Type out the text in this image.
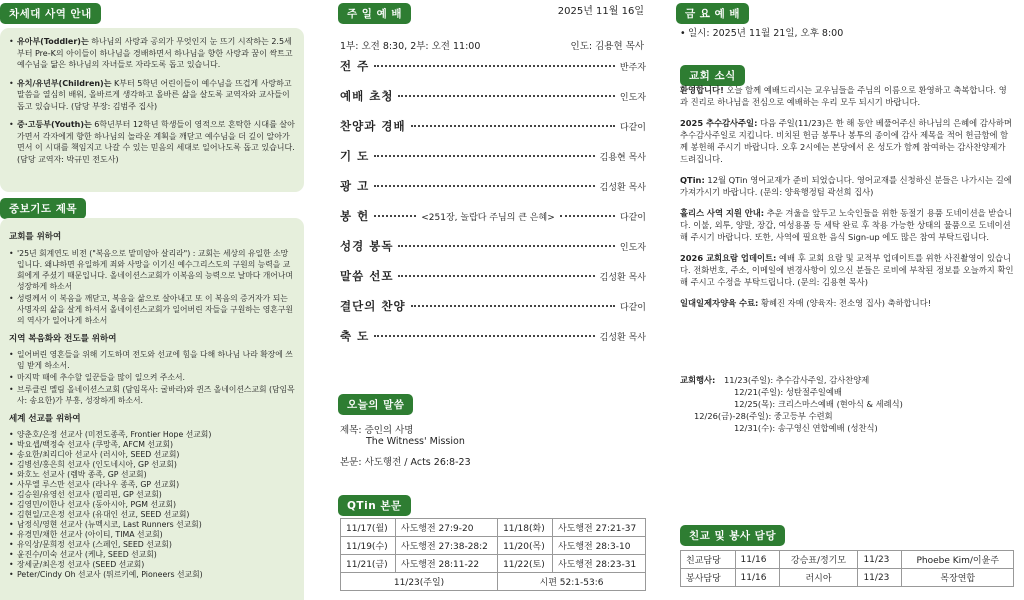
차세대 사역 안내
• 유아부(Toddler)는 하나님의 사랑과 공의가 무엇인지 눈 뜨기 시작하는 2.5세부터 Pre-K의 아이들이 하나님을 경배하면서 하나님을 향한 사랑과 꿈이 싹트고 예수님을 닮은 하나님의 자녀들로 자라도록 돕고 있습니다.
• 유치/유년부(Children)는 K부터 5학년 어린이들이 예수님을 뜨겁게 사랑하고 말씀을 열심히 배워, 올바르게 생각하고 올바른 삶을 살도록 교역자와 교사들이 돕고 있습니다. (담당 부장: 김범주 집사)
• 중·고등부(Youth)는 6학년부터 12학년 학생들이 영적으로 혼탁한 시대를 살아가면서 각자에게 향한 하나님의 놀라운 계획을 깨닫고 예수님을 더 깊이 알아가면서 이 시대를 책임지고 나갈 수 있는 믿음의 세대로 일어나도록 돕고 있습니다. (담당 교역자: 박규민 전도사)
중보기도 제목
교회를 위하여
• '25년 회계연도 비전 ("복음으로 맡미암아 살리라") : 교회는 세상의 유일한 소망입니다. 왜냐하면 유일하게 죄와 사망을 이기신 예수그리스도의 구원의 능력을 교회에게 주셨기 때문입니다. 올네이션스교회가 이복음의 능력으로 날마다 개어나며 성장하게 하소서
• 성령께서 이 복음을 깨닫고, 복음을 삶으로 살아내고 또 이 복음의 증거자가 되는 사명자의 삶을 살게 하셔서 올네이션스교회가 일어버린 자들을 구원하는 영혼구원의 역사가 일어나게 하소서
지역 복음화와 전도를 위하여
• 일어버린 영혼들을 위해 기도하며 전도와 선교에 힘을 다해 하나님 나라 확장에 쓰임 받게 하소서.
• 마지막 때에 추수할 일꾼들을 많이 일으켜 주소서.
• 브루클린 멜림 올네이션스교회 (담임목사: 굴바라)와 퀸즈 올네이션스교회 (담임목사: 송요한)가 부흥, 성장하게 하소서.
세계 선교를 위하여
• 양춘호/은정 선교사 (미전도종족, Frontier Hope 선교회)
• 박요셉/백정숙 선교사 (쿠망족, AFCM 선교회)
• 송요한/최리디아 선교사 (러시아, SEED 선교회)
• 김병선/홍은희 선교사 (인도네시아, GP 선교회)
• 와호노 선교사 (렘박 종족, GP 선교회)
• 사무엘 루스만 선교사 (라나우 종족, GP 선교회)
• 김승원/유영선 선교사 (필리핀, GP 선교회)
• 김영민/이한나 선교사 (동아시아, PGM 선교회)
• 김현일/고은정 선교사 (유대인 선교, SEED 선교회)
• 남정식/영현 선교사 (뉴멕시코, Last Runners 선교회)
• 유경민/채한 선교사 (아이티, TIMA 선교회)
• 유익상/문희정 선교사 (스페인, SEED 선교회)
• 윤진수/미숙 선교사 (케냐, SEED 선교회)
• 장세균/최은정 선교사 (SEED 선교회)
• Peter/Cindy Oh 선교사 (튀르키예, Pioneers 선교회)
주 일 예 배	2025년 11월 16일
1부: 오전 8:30, 2부: 오전 11:00	인도: 김용현 목사
전 주	반주자
예배 초청	인도자
찬양과 경배	다같이
기 도	김용현 목사
광 고	김성환 목사
봉 헌	<251장, 놀랍다 주님의 큰 은혜>	다같이
성경 봉독	인도자
말씀 선포	김성환 목사
결단의 찬양	다같이
축 도	김성환 목사
오늘의 말씀
제목: 증인의 사명
The Witness' Mission
본문: 사도행전 / Acts 26:8-23
QTin 본문
11/17(월)	사도행전 27:9-20	11/18(화)	사도행전 27:21-37
11/19(수)	사도행전 27:38-28:2	11/20(목)	사도행전 28:3-10
11/21(금)	사도행전 28:11-22	11/22(토)	사도행전 28:23-31
11/23(주일)		시편 52:1-53:6	
금 요 예 배
• 일시: 2025년 11월 21일, 오후 8:00
교회 소식

환영합니다! 오늘 함께 예배드리시는 교우님들을 주님의 이름으로 환영하고 축복합니다. 영과 진리로 하나님을 전심으로 예배하는 우리 모두 되시기 바랍니다.

2025 추수감사주일: 다음 주일(11/23)은 한 해 동안 베풀어주신 하나님의 은혜에 감사하며 추수감사주일로 지킵니다. 비치된 헌금 봉투나 봉투의 종이에 감사 제목을 적어 헌금함에 함께 봉헌해 주시기 바랍니다. 오후 2시에는 본당에서 온 성도가 함께 참여하는 감사찬양제가 드려집니다.

QTin: 12월 QTin 영어교재가 준비 되었습니다. 영어교재를 신청하신 분들은 나가시는 길에 가져가시기 바랍니다. (문의: 양육행정팀 곽선희 집사)

홀리스 사역 지원 안내: 추운 겨울을 앞두고 노숙인들을 위한 동절기 용품 도네이션을 받습니다. 이불, 외투, 양말, 장갑, 여성용품 등 세탁 완료 후 착용 가능한 상태의 물품으로 도네이션해 주시기 바랍니다. 또한, 사역에 필요한 음식 Sign-up 에도 많은 참여 부탁드립니다.

2026 교회요람 업데이트: 예배 후 교회 요람 및 교적부 업데이트를 위한 사진촬영이 있습니다. 전화번호, 주소, 이메일에 변경사항이 있으신 분들은 로비에 부착된 정보를 오늘까지 확인해 주시고 수정을 부탁드립니다. (문의: 김용현 목사)

일대일제자양육 수료: 황혜진 자매 (양육자: 전소영 집사) 축하합니다!

교회행사: 11/23(주일): 추수감사주일, 감사찬양제
12/21(주일): 성탄절주일예배
12/25(목): 크리스마스예배 (현아식 & 세례식)
12/26(금)-28(주일): 중고등부 수련회
12/31(수): 송구영신 연합예배 (성찬식)
친교 및 봉사 담당
친교담당	11/16	강승표/정기모	11/23	Phoebe Kim/이윤주
봉사담당	11/16	러시아	11/23	목장연합
